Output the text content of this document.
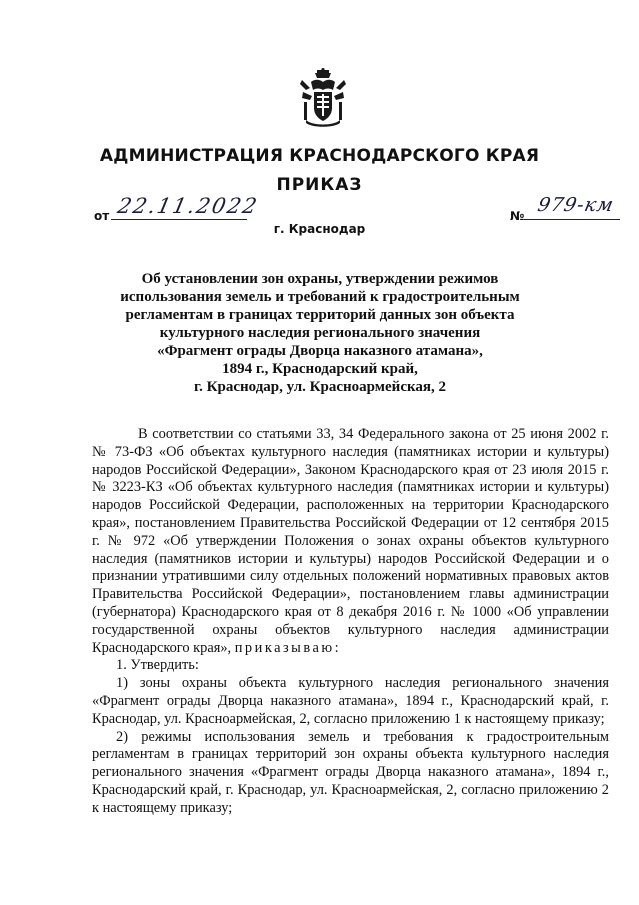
АДМИНИСТРАЦИЯ КРАСНОДАРСКОГО КРАЯ
ПРИКАЗ
от 22.11.2022
г. Краснодар
№ 979-км
Об установлении зон охраны, утверждении режимов
использования земель и требований к градостроительным
регламентам в границах территорий данных зон объекта
культурного наследия регионального значения
«Фрагмент ограды Дворца наказного атамана»,
1894 г., Краснодарский край,
г. Краснодар, ул. Красноармейская, 2

В соответствии со статьями 33, 34 Федерального закона от 25 июня 2002 г. № 73-ФЗ «Об объектах культурного наследия (памятниках истории и культуры) народов Российской Федерации», Законом Краснодарского края от 23 июля 2015 г. № 3223-КЗ «Об объектах культурного наследия (памятниках истории и культуры) народов Российской Федерации, расположенных на территории Краснодарского края», постановлением Правительства Российской Федерации от 12 сентября 2015 г. № 972 «Об утверждении Положения о зонах охраны объектов культурного наследия (памятников истории и культуры) народов Российской Федерации и о признании утратившими силу отдельных положений нормативных правовых актов Правительства Российской Федерации», постановлением главы администрации (губернатора) Краснодарского края от 8 декабря 2016 г. № 1000 «Об управлении государственной охраны объектов культурного наследия администрации Краснодарского края», приказываю:

1. Утвердить:

1) зоны охраны объекта культурного наследия регионального значения «Фрагмент ограды Дворца наказного атамана», 1894 г., Краснодарский край, г. Краснодар, ул. Красноармейская, 2, согласно приложению 1 к настоящему приказу;

2) режимы использования земель и требования к градостроительным регламентам в границах территорий зон охраны объекта культурного наследия регионального значения «Фрагмент ограды Дворца наказного атамана», 1894 г., Краснодарский край, г. Краснодар, ул. Красноармейская, 2, согласно приложению 2 к настоящему приказу;
